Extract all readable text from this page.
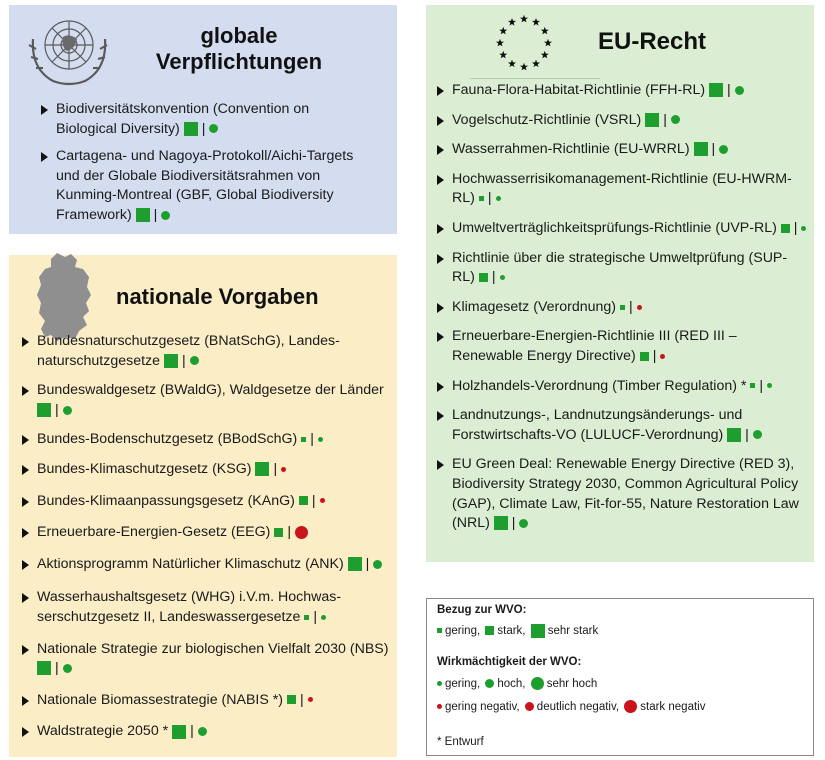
globale Verpflichtungen
Biodiversitätskonvention (Convention on Biological Diversity) |
Cartagena- und Nagoya-Protokoll/Aichi-Targets und der Globale Biodiversitätsrahmen von Kunming-Montreal (GBF, Global Biodiversity Framework) |
nationale Vorgaben
Bundesnaturschutzgesetz (BNatSchG), Landes-naturschutzgesetze |
Bundeswaldgesetz (BWaldG), Waldgesetze der Länder |
Bundes-Bodenschutzgesetz (BBodSchG) |
Bundes-Klimaschutzgesetz (KSG) |
Bundes-Klimaanpassungsgesetz (KAnG) |
Erneuerbare-Energien-Gesetz (EEG) |
Aktionsprogramm Natürlicher Klimaschutz (ANK) |
Wasserhaushaltsgesetz (WHG) i.V.m. Hochwas-serschutzgesetz II, Landeswassergesetze |
Nationale Strategie zur biologischen Vielfalt 2030 (NBS) |
Nationale Biomassestrategie (NABIS *) |
Waldstrategie 2050 * |
EU-Recht
Fauna-Flora-Habitat-Richtlinie (FFH-RL) |
Vogelschutz-Richtlinie (VSRL) |
Wasserrahmen-Richtlinie (EU-WRRL) |
Hochwasserrisikomanagement-Richtlinie (EU-HWRM-RL) |
Umweltverträglichkeitsprüfungs-Richtlinie (UVP-RL) |
Richtlinie über die strategische Umweltprüfung (SUP-RL) |
Klimagesetz (Verordnung) |
Erneuerbare-Energien-Richtlinie III (RED III – Renewable Energy Directive) |
Holzhandels-Verordnung (Timber Regulation) * |
Landnutzungs-, Landnutzungsänderungs- und Forstwirtschafts-VO (LULUCF-Verordnung) |
EU Green Deal: Renewable Energy Directive (RED 3), Biodiversity Strategy 2030, Common Agricultural Policy (GAP), Climate Law, Fit-for-55, Nature Restoration Law (NRL) |
Bezug zur WVO:
gering, stark, sehr stark
Wirkmächtigkeit der WVO:
gering, hoch, sehr hoch
gering negativ, deutlich negativ, stark negativ
* Entwurf
